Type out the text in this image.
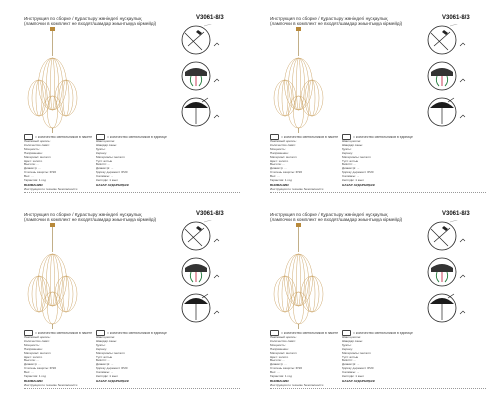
Инструкция по сборке / Құрастыру жөніндегі нұсқаулық
(лампочки в комплект не входят/шамдар жиынтыққа кірмейді)
V3061-8/3
= количество светильников в пакете	= количество светильников в единице
Ламповый цоколь:
Количество ламп:
Мощность:
Напряжение:
Материал: металл
Цвет: золото
Высота: ...
Диаметр: ...
Степень защиты: IP20
Вес: ...
Гарантия: 1 год
ВНИМАНИЕ!
Инструкция по технике безопасности
Шам цокольі:
Шамдар саны:
Қуаты:
Кернеу:
Материалы: металл
Түсі: алтын
Биіктігі: ...
Диаметрі: ...
Қорғау дәрежесі: IP20
Салмағы: ...
Кепілдік: 1 жыл
НАЗАР АУДАРЫҢЫЗ!
Инструкция по сборке / Құрастыру жөніндегі нұсқаулық
(лампочки в комплект не входят/шамдар жиынтыққа кірмейді)
V3061-8/3
= количество светильников в пакете	= количество светильников в единице
Ламповый цоколь:
Количество ламп:
Мощность:
Напряжение:
Материал: металл
Цвет: золото
Высота: ...
Диаметр: ...
Степень защиты: IP20
Вес: ...
Гарантия: 1 год
ВНИМАНИЕ!
Инструкция по технике безопасности
Шам цокольі:
Шамдар саны:
Қуаты:
Кернеу:
Материалы: металл
Түсі: алтын
Биіктігі: ...
Диаметрі: ...
Қорғау дәрежесі: IP20
Салмағы: ...
Кепілдік: 1 жыл
НАЗАР АУДАРЫҢЫЗ!
Инструкция по сборке / Құрастыру жөніндегі нұсқаулық
(лампочки в комплект не входят/шамдар жиынтыққа кірмейді)
V3061-8/3
= количество светильников в пакете	= количество светильников в единице
Ламповый цоколь:
Количество ламп:
Мощность:
Напряжение:
Материал: металл
Цвет: золото
Высота: ...
Диаметр: ...
Степень защиты: IP20
Вес: ...
Гарантия: 1 год
ВНИМАНИЕ!
Инструкция по технике безопасности
Шам цокольі:
Шамдар саны:
Қуаты:
Кернеу:
Материалы: металл
Түсі: алтын
Биіктігі: ...
Диаметрі: ...
Қорғау дәрежесі: IP20
Салмағы: ...
Кепілдік: 1 жыл
НАЗАР АУДАРЫҢЫЗ!
Инструкция по сборке / Құрастыру жөніндегі нұсқаулық
(лампочки в комплект не входят/шамдар жиынтыққа кірмейді)
V3061-8/3
= количество светильников в пакете	= количество светильников в единице
Ламповый цоколь:
Количество ламп:
Мощность:
Напряжение:
Материал: металл
Цвет: золото
Высота: ...
Диаметр: ...
Степень защиты: IP20
Вес: ...
Гарантия: 1 год
ВНИМАНИЕ!
Инструкция по технике безопасности
Шам цокольі:
Шамдар саны:
Қуаты:
Кернеу:
Материалы: металл
Түсі: алтын
Биіктігі: ...
Диаметрі: ...
Қорғау дәрежесі: IP20
Салмағы: ...
Кепілдік: 1 жыл
НАЗАР АУДАРЫҢЫЗ!
